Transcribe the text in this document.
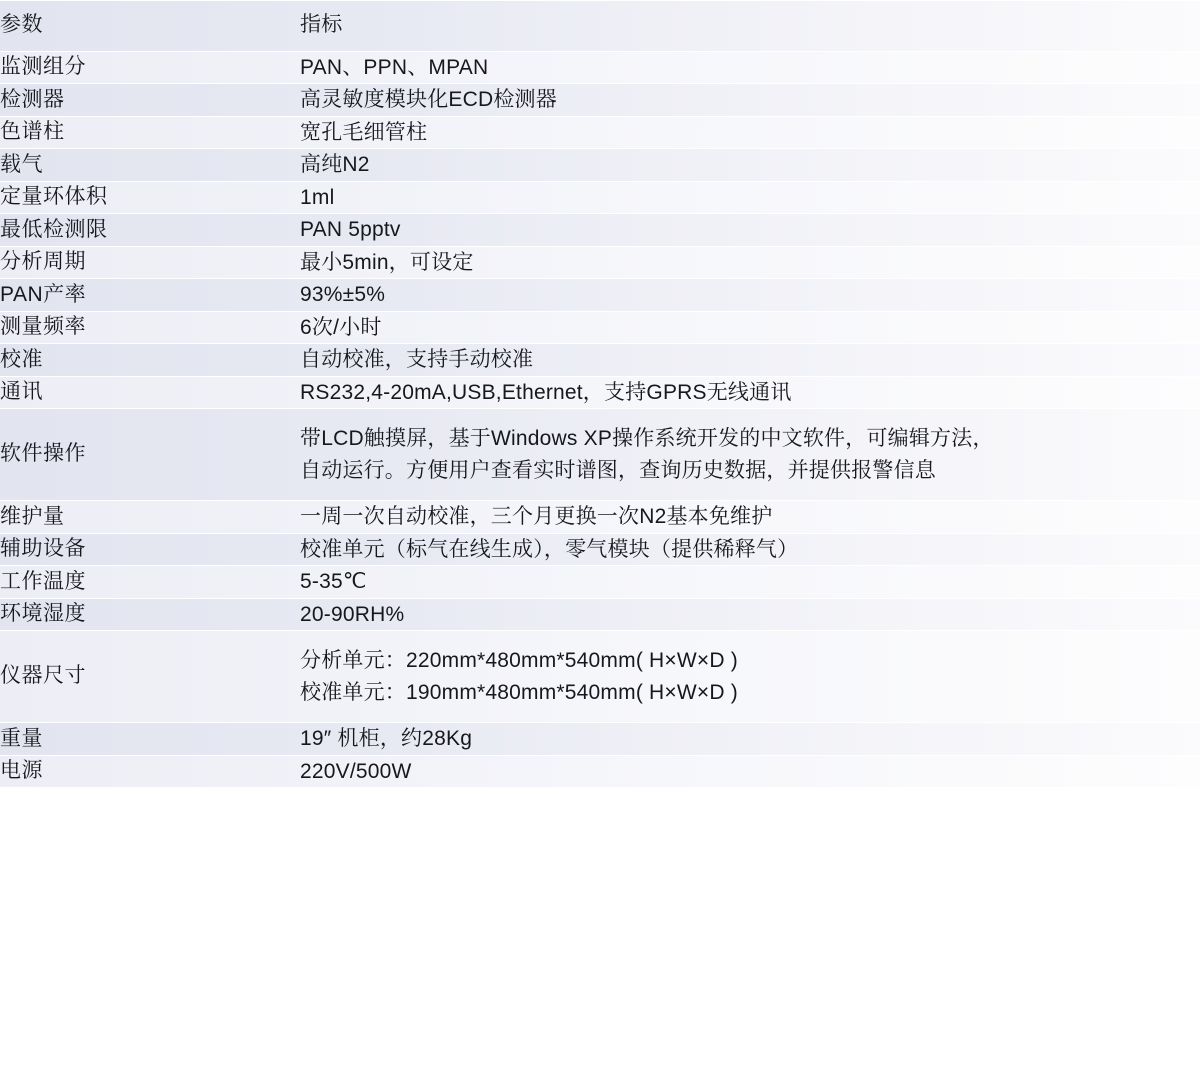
参数	指标
监测组分	PAN、PPN、MPAN

检测器	高灵敏度模块化ECD检测器

色谱柱	宽孔毛细管柱

载气	高纯N2

定量环体积	1ml

最低检测限	PAN 5pptv

分析周期	最小5min，可设定

PAN产率	93%±5%

测量频率	6次/小时

校准	自动校准，支持手动校准

通讯	RS232,4-20mA,USB,Ethernet，支持GPRS无线通讯

软件操作	带LCD触摸屏，基于Windows XP操作系统开发的中文软件，可编辑方法，
自动运行。方便用户查看实时谱图，查询历史数据，并提供报警信息

维护量	一周一次自动校准，三个月更换一次N2基本免维护

辅助设备	校准单元（标气在线生成），零气模块（提供稀释气）

工作温度	5-35℃

环境湿度	20-90RH%

仪器尺寸	分析单元：220mm*480mm*540mm( H×W×D )
校准单元：190mm*480mm*540mm( H×W×D )

重量	19″ 机柜，约28Kg

电源	220V/500W
